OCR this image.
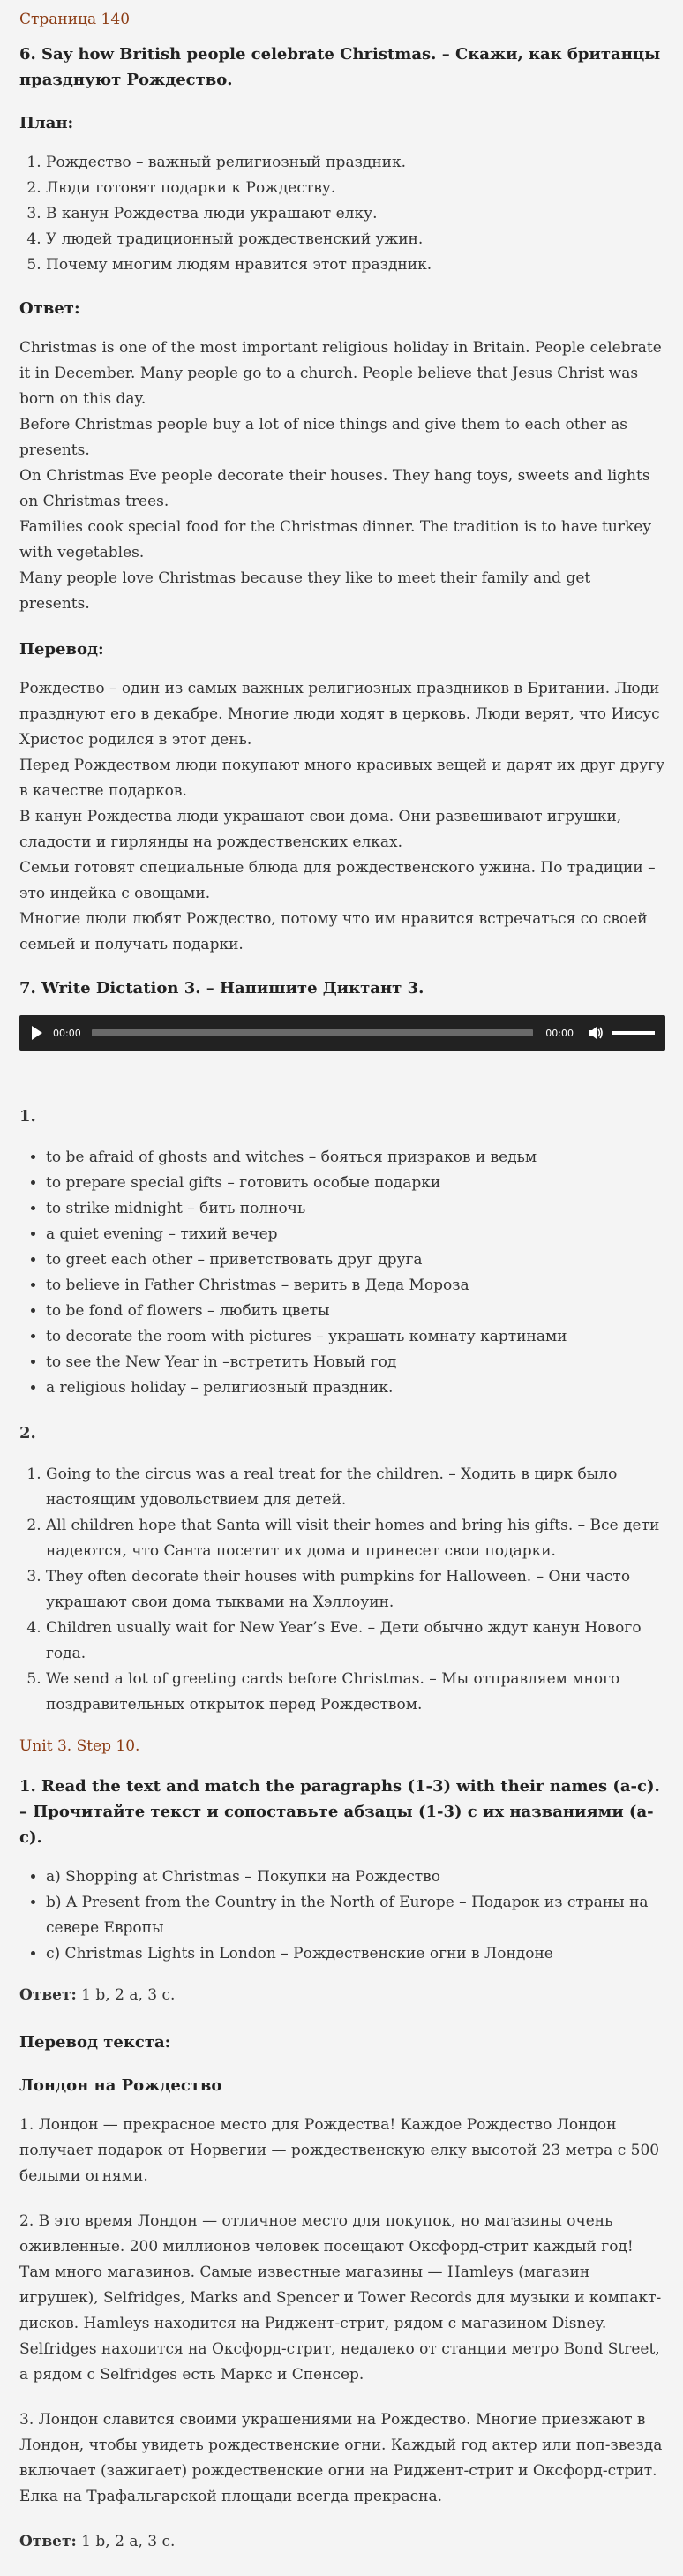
Страница 140
6. Say how British people celebrate Christmas. – Скажи, как британцы празднуют Рождество.
План:
1. Рождество – важный религиозный праздник.
2. Люди готовят подарки к Рождеству.
3. В канун Рождества люди украшают елку.
4. У людей традиционный рождественский ужин.
5. Почему многим людям нравится этот праздник.
Ответ:

Christmas is one of the most important religious holiday in Britain. People celebrate it in December. Many people go to a church. People believe that Jesus Christ was born on this day.

Before Christmas people buy a lot of nice things and give them to each other as presents.

On Christmas Eve people decorate their houses. They hang toys, sweets and lights on Christmas trees.

Families cook special food for the Christmas dinner. The tradition is to have turkey with vegetables.

Many people love Christmas because they like to meet their family and get presents.

Перевод:

Рождество – один из самых важных религиозных праздников в Британии. Люди празднуют его в декабре. Многие люди ходят в церковь. Люди верят, что Иисус Христос родился в этот день.

Перед Рождеством люди покупают много красивых вещей и дарят их друг другу в качестве подарков.

В канун Рождества люди украшают свои дома. Они развешивают игрушки, сладости и гирлянды на рождественских елках.

Семьи готовят специальные блюда для рождественского ужина. По традиции – это индейка с овощами.

Многие люди любят Рождество, потому что им нравится встречаться со своей семьей и получать подарки.

7. Write Dictation 3. – Напишите Диктант 3.
00:00	00:00
1.
• to be afraid of ghosts and witches – бояться призраков и ведьм
• to prepare special gifts – готовить особые подарки
• to strike midnight – бить полночь
• a quiet evening – тихий вечер
• to greet each other – приветствовать друг друга
• to believe in Father Christmas – верить в Деда Мороза
• to be fond of flowers – любить цветы
• to decorate the room with pictures – украшать комнату картинами
• to see the New Year in –встретить Новый год
• a religious holiday – религиозный праздник.
2.
1. Going to the circus was a real treat for the children. – Ходить в цирк было настоящим удовольствием для детей.
2. All children hope that Santa will visit their homes and bring his gifts. – Все дети надеются, что Санта посетит их дома и принесет свои подарки.
3. They often decorate their houses with pumpkins for Halloween. – Они часто украшают свои дома тыквами на Хэллоуин.
4. Children usually wait for New Year’s Eve. – Дети обычно ждут канун Нового года.
5. We send a lot of greeting cards before Christmas. – Мы отправляем много поздравительных открыток перед Рождеством.
Unit 3. Step 10.
1. Read the text and match the paragraphs (1-3) with their names (a-c). – Прочитайте текст и сопоставьте абзацы (1-3) с их названиями (a-c).
• a) Shopping at Christmas – Покупки на Рождество
• b) A Present from the Country in the North of Europe – Подарок из страны на севере Европы
• c) Christmas Lights in London – Рождественские огни в Лондоне

Ответ: 1 b, 2 a, 3 c.

Перевод текста:
Лондон на Рождество

1. Лондон — прекрасное место для Рождества! Каждое Рождество Лондон получает подарок от Норвегии — рождественскую елку высотой 23 метра с 500 белыми огнями.

2. В это время Лондон — отличное место для покупок, но магазины очень оживленные. 200 миллионов человек посещают Оксфорд-стрит каждый год! Там много магазинов. Самые известные магазины — Hamleys (магазин игрушек), Selfridges, Marks and Spencer и Tower Records для музыки и компакт-дисков. Hamleys находится на Риджент-стрит, рядом с магазином Disney. Selfridges находится на Оксфорд-стрит, недалеко от станции метро Bond Street, а рядом с Selfridges есть Маркс и Спенсер.

3. Лондон славится своими украшениями на Рождество. Многие приезжают в Лондон, чтобы увидеть рождественские огни. Каждый год актер или поп-звезда включает (зажигает) рождественские огни на Риджент-стрит и Оксфорд-стрит. Елка на Трафальгарской площади всегда прекрасна.

Ответ: 1 b, 2 a, 3 c.
